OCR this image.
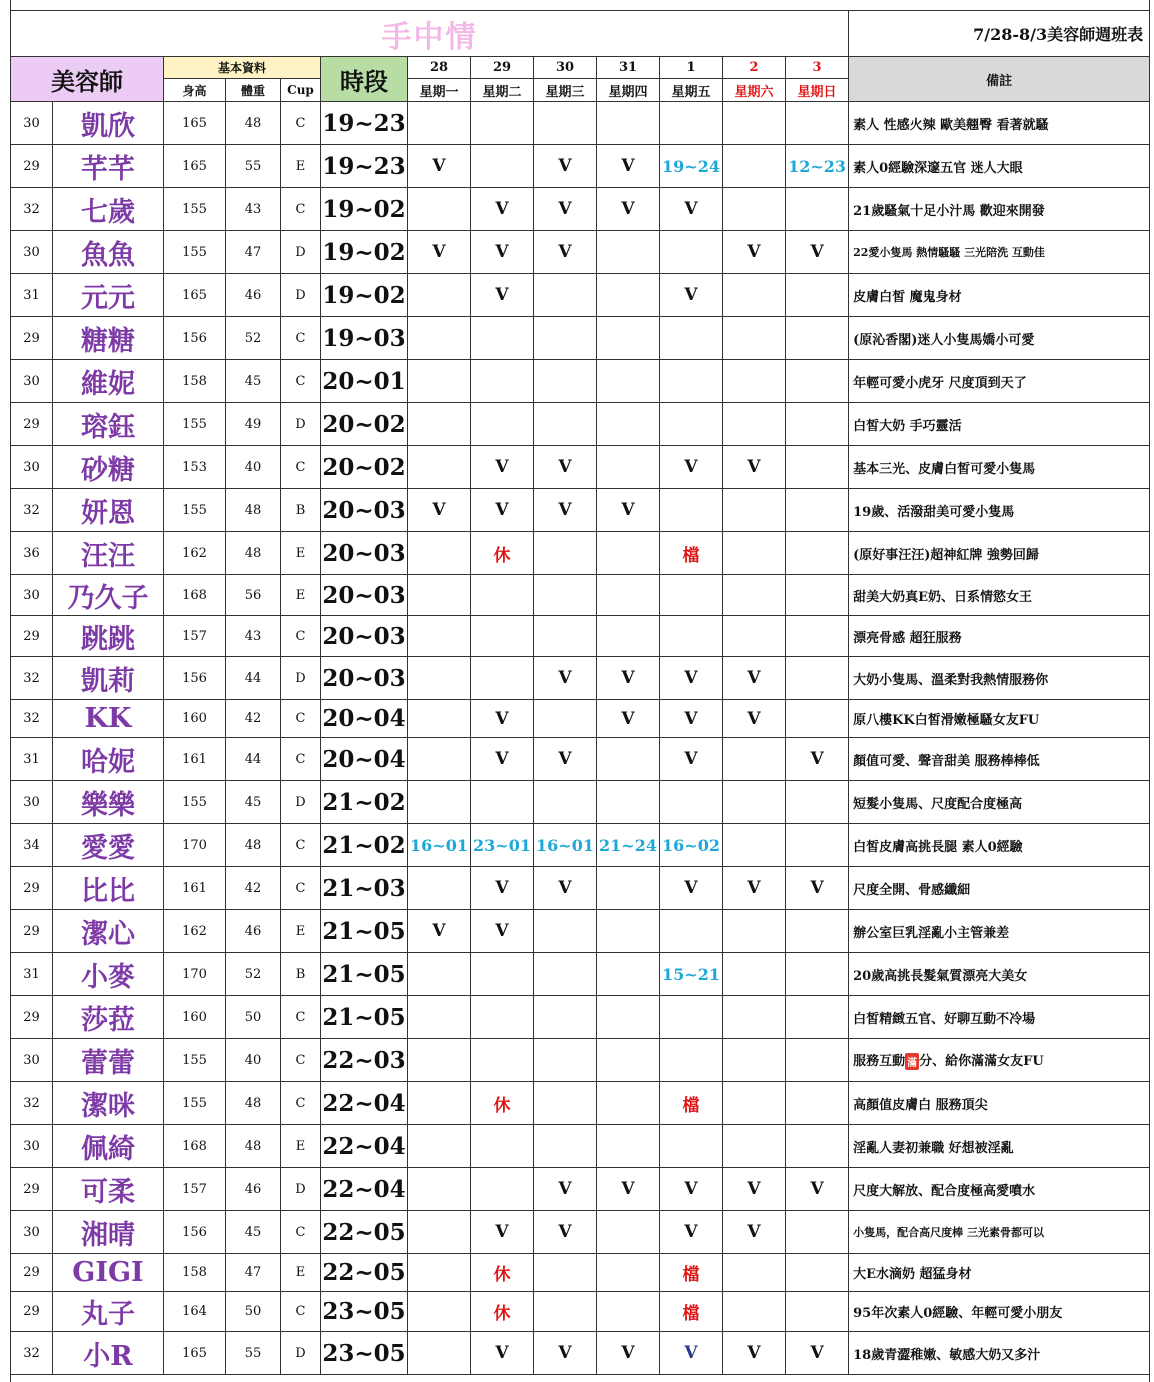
手中情													7/28-8/3美容師週班表
美容師		基本資料			時段	28	29	30	31	1	2	3	備註
		身高	體重	Cup		星期一	星期二	星期三	星期四	星期五	星期六	星期日	
30	凱欣	165	48	C	19~23								素人 性感火辣 歐美翹臀 看著就騷
29	芊芊	165	55	E	19~23	V		V	V	19~24		12~23	素人0經驗深邃五官 迷人大眼
32	七歲	155	43	C	19~02		V	V	V	V			21歲騷氣十足小汁馬 歡迎來開發
30	魚魚	155	47	D	19~02	V	V	V			V	V	22愛小隻馬 熱情騷騷 三光陪洗 互動佳
31	元元	165	46	D	19~02		V			V			皮膚白皙 魔鬼身材
29	糖糖	156	52	C	19~03								(原沁香閣)迷人小隻馬嬌小可愛
30	維妮	158	45	C	20~01								年輕可愛小虎牙 尺度頂到天了
29	瑢鈺	155	49	D	20~02								白皙大奶 手巧靈活
30	砂糖	153	40	C	20~02		V	V		V	V		基本三光、皮膚白皙可愛小隻馬
32	妍恩	155	48	B	20~03	V	V	V	V				19歲、活潑甜美可愛小隻馬
36	汪汪	162	48	E	20~03		休			檔			(原好事汪汪)超神紅牌 強勢回歸
30	乃久子	168	56	E	20~03								甜美大奶真E奶、日系情慾女王
29	跳跳	157	43	C	20~03								漂亮骨感 超狂服務
32	凱莉	156	44	D	20~03			V	V	V	V		大奶小隻馬、溫柔對我熱情服務你
32	KK	160	42	C	20~04		V		V	V	V		原八樓KK白皙滑嫩極騷女友FU
31	哈妮	161	44	C	20~04		V	V		V		V	顏值可愛、聲音甜美 服務棒棒低
30	樂樂	155	45	D	21~02								短髮小隻馬、尺度配合度極高
34	愛愛	170	48	C	21~02	16~01	23~01	16~01	21~24	16~02			白皙皮膚高挑長腿 素人0經驗
29	比比	161	42	C	21~03		V	V		V	V	V	尺度全開、骨感纖細
29	潔心	162	46	E	21~05	V	V						辦公室巨乳淫亂小主管兼差
31	小麥	170	52	B	21~05					15~21			20歲高挑長髮氣質漂亮大美女
29	莎菈	160	50	C	21~05								白皙精緻五官、好聊互動不冷場
30	蕾蕾	155	40	C	22~03								服務互動 滿 分、給你滿滿女友FU
32	潔咪	155	48	C	22~04		休			檔			高顏值皮膚白 服務頂尖
30	佩綺	168	48	E	22~04								淫亂人妻初兼職 好想被淫亂
29	可柔	157	46	D	22~04			V	V	V	V	V	尺度大解放、配合度極高愛噴水
30	湘晴	156	45	C	22~05		V	V		V	V		小隻馬，配合高尺度棒 三光素骨都可以
29	GIGI	158	47	E	22~05		休			檔			大E水滴奶 超猛身材
29	丸子	164	50	C	23~05		休			檔			95年次素人0經驗、年輕可愛小朋友
32	小R	165	55	D	23~05		V	V	V	V	V	V	18歲青澀稚嫩、敏感大奶又多汁
